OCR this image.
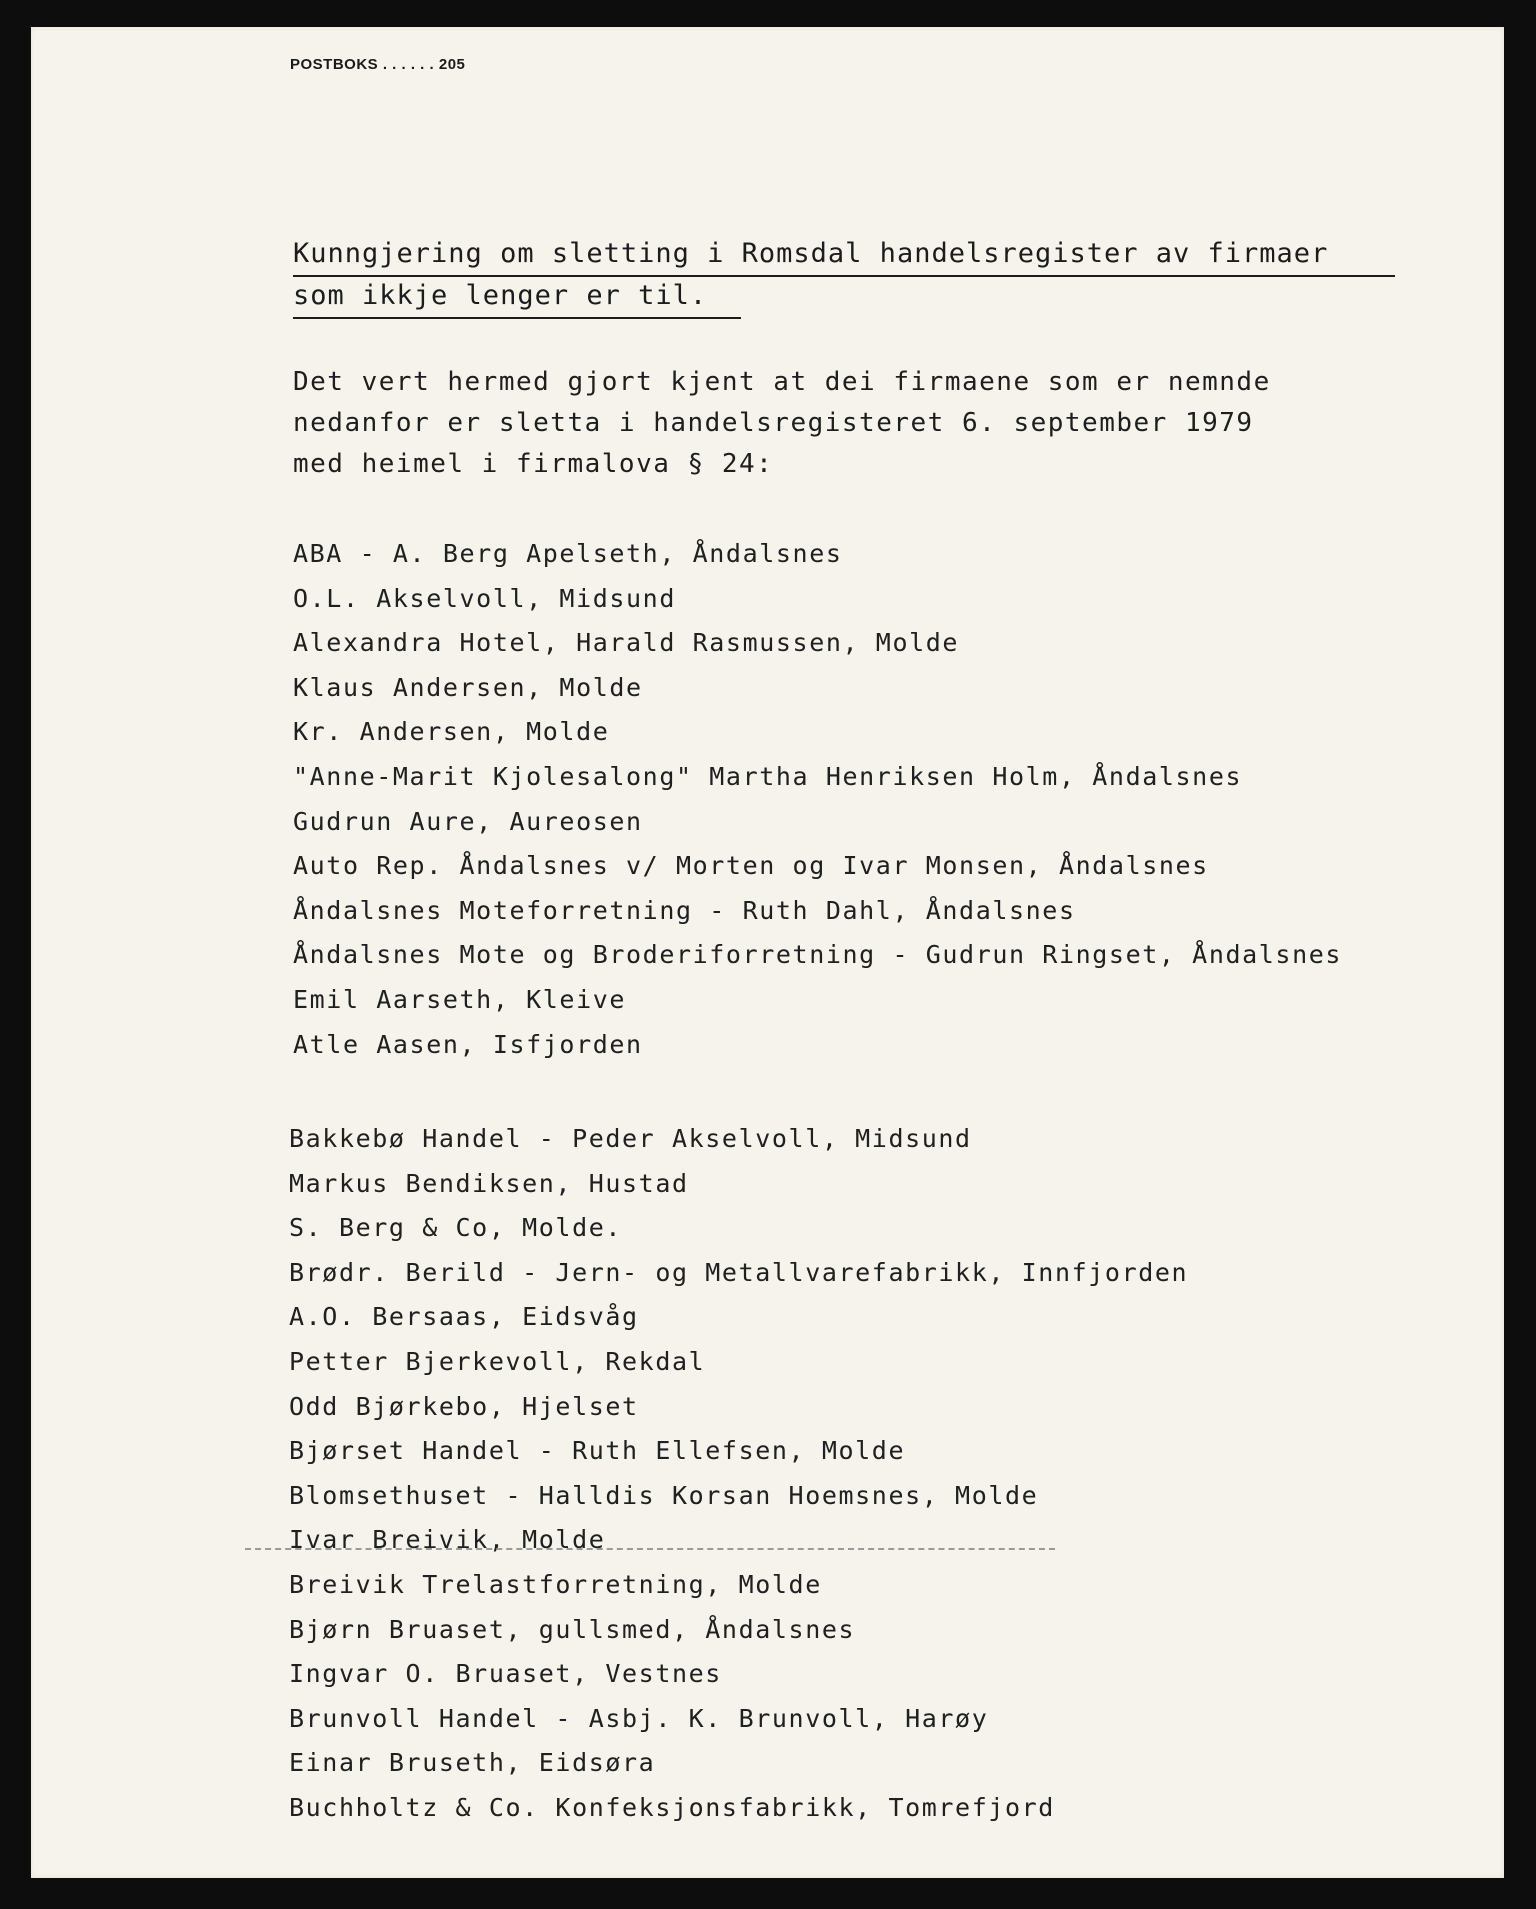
POSTBOKS . . . . . . 205
Kunngjering om sletting i Romsdal handelsregister av firmaer
som ikkje lenger er til.

Det vert hermed gjort kjent at dei firmaene som er nemnde
nedanfor er sletta i handelsregisteret 6. september 1979
med heimel i firmalova § 24:

ABA - A. Berg Apelseth, Åndalsnes
O.L. Akselvoll, Midsund
Alexandra Hotel, Harald Rasmussen, Molde
Klaus Andersen, Molde
Kr. Andersen, Molde
"Anne-Marit Kjolesalong" Martha Henriksen Holm, Åndalsnes
Gudrun Aure, Aureosen
Auto Rep. Åndalsnes v/ Morten og Ivar Monsen, Åndalsnes
Åndalsnes Moteforretning - Ruth Dahl, Åndalsnes
Åndalsnes Mote og Broderiforretning - Gudrun Ringset, Åndalsnes
Emil Aarseth, Kleive
Atle Aasen, Isfjorden
Bakkebø Handel - Peder Akselvoll, Midsund
Markus Bendiksen, Hustad
S. Berg & Co, Molde.
Brødr. Berild - Jern- og Metallvarefabrikk, Innfjorden
A.O. Bersaas, Eidsvåg
Petter Bjerkevoll, Rekdal
Odd Bjørkebo, Hjelset
Bjørset Handel - Ruth Ellefsen, Molde
Blomsethuset - Halldis Korsan Hoemsnes, Molde
Ivar Breivik, Molde
Breivik Trelastforretning, Molde
Bjørn Bruaset, gullsmed, Åndalsnes
Ingvar O. Bruaset, Vestnes
Brunvoll Handel - Asbj. K. Brunvoll, Harøy
Einar Bruseth, Eidsøra
Buchholtz & Co. Konfeksjonsfabrikk, Tomrefjord
